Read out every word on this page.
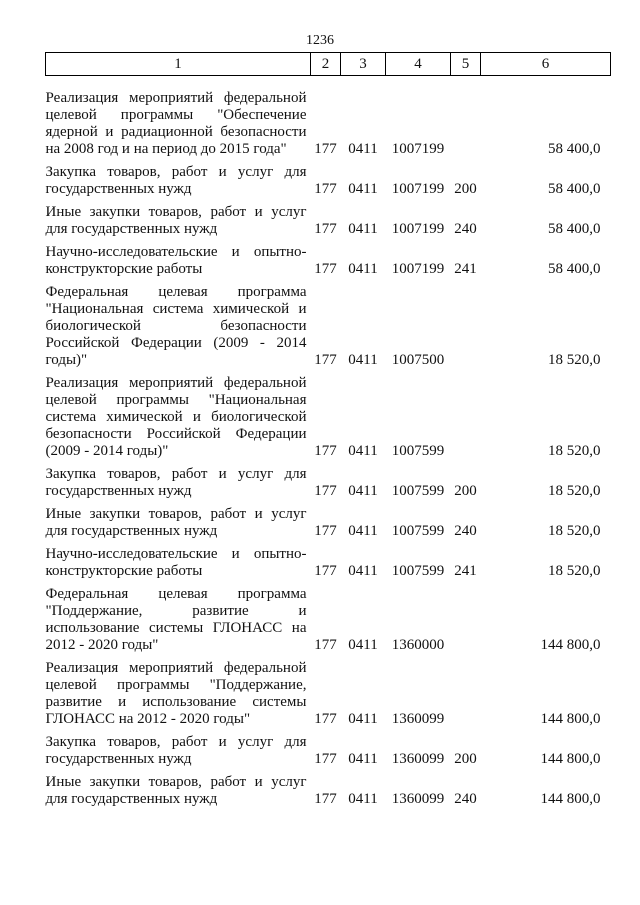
1236
1	2	3	4	5	6
Реализация мероприятий федеральной целевой программы "Обеспечение ядерной и радиационной безопасности на 2008 год и на период до 2015 года"	177	0411	1007199		58 400,0
Закупка товаров, работ и услуг для государственных нужд	177	0411	1007199	200	58 400,0
Иные закупки товаров, работ и услуг для государственных нужд	177	0411	1007199	240	58 400,0
Научно-исследовательские и опытно-конструкторские работы	177	0411	1007199	241	58 400,0
Федеральная целевая программа "Национальная система химической и биологической безопасности Российской Федерации (2009 - 2014 годы)"	177	0411	1007500		18 520,0
Реализация мероприятий федеральной целевой программы "Национальная система химической и биологической безопасности Российской Федерации (2009 - 2014 годы)"	177	0411	1007599		18 520,0
Закупка товаров, работ и услуг для государственных нужд	177	0411	1007599	200	18 520,0
Иные закупки товаров, работ и услуг для государственных нужд	177	0411	1007599	240	18 520,0
Научно-исследовательские и опытно-конструкторские работы	177	0411	1007599	241	18 520,0
Федеральная целевая программа "Поддержание, развитие и использование системы ГЛОНАСС на 2012 - 2020 годы"	177	0411	1360000		144 800,0
Реализация мероприятий федеральной целевой программы "Поддержание, развитие и использование системы ГЛОНАСС на 2012 - 2020 годы"	177	0411	1360099		144 800,0
Закупка товаров, работ и услуг для государственных нужд	177	0411	1360099	200	144 800,0
Иные закупки товаров, работ и услуг для государственных нужд	177	0411	1360099	240	144 800,0
